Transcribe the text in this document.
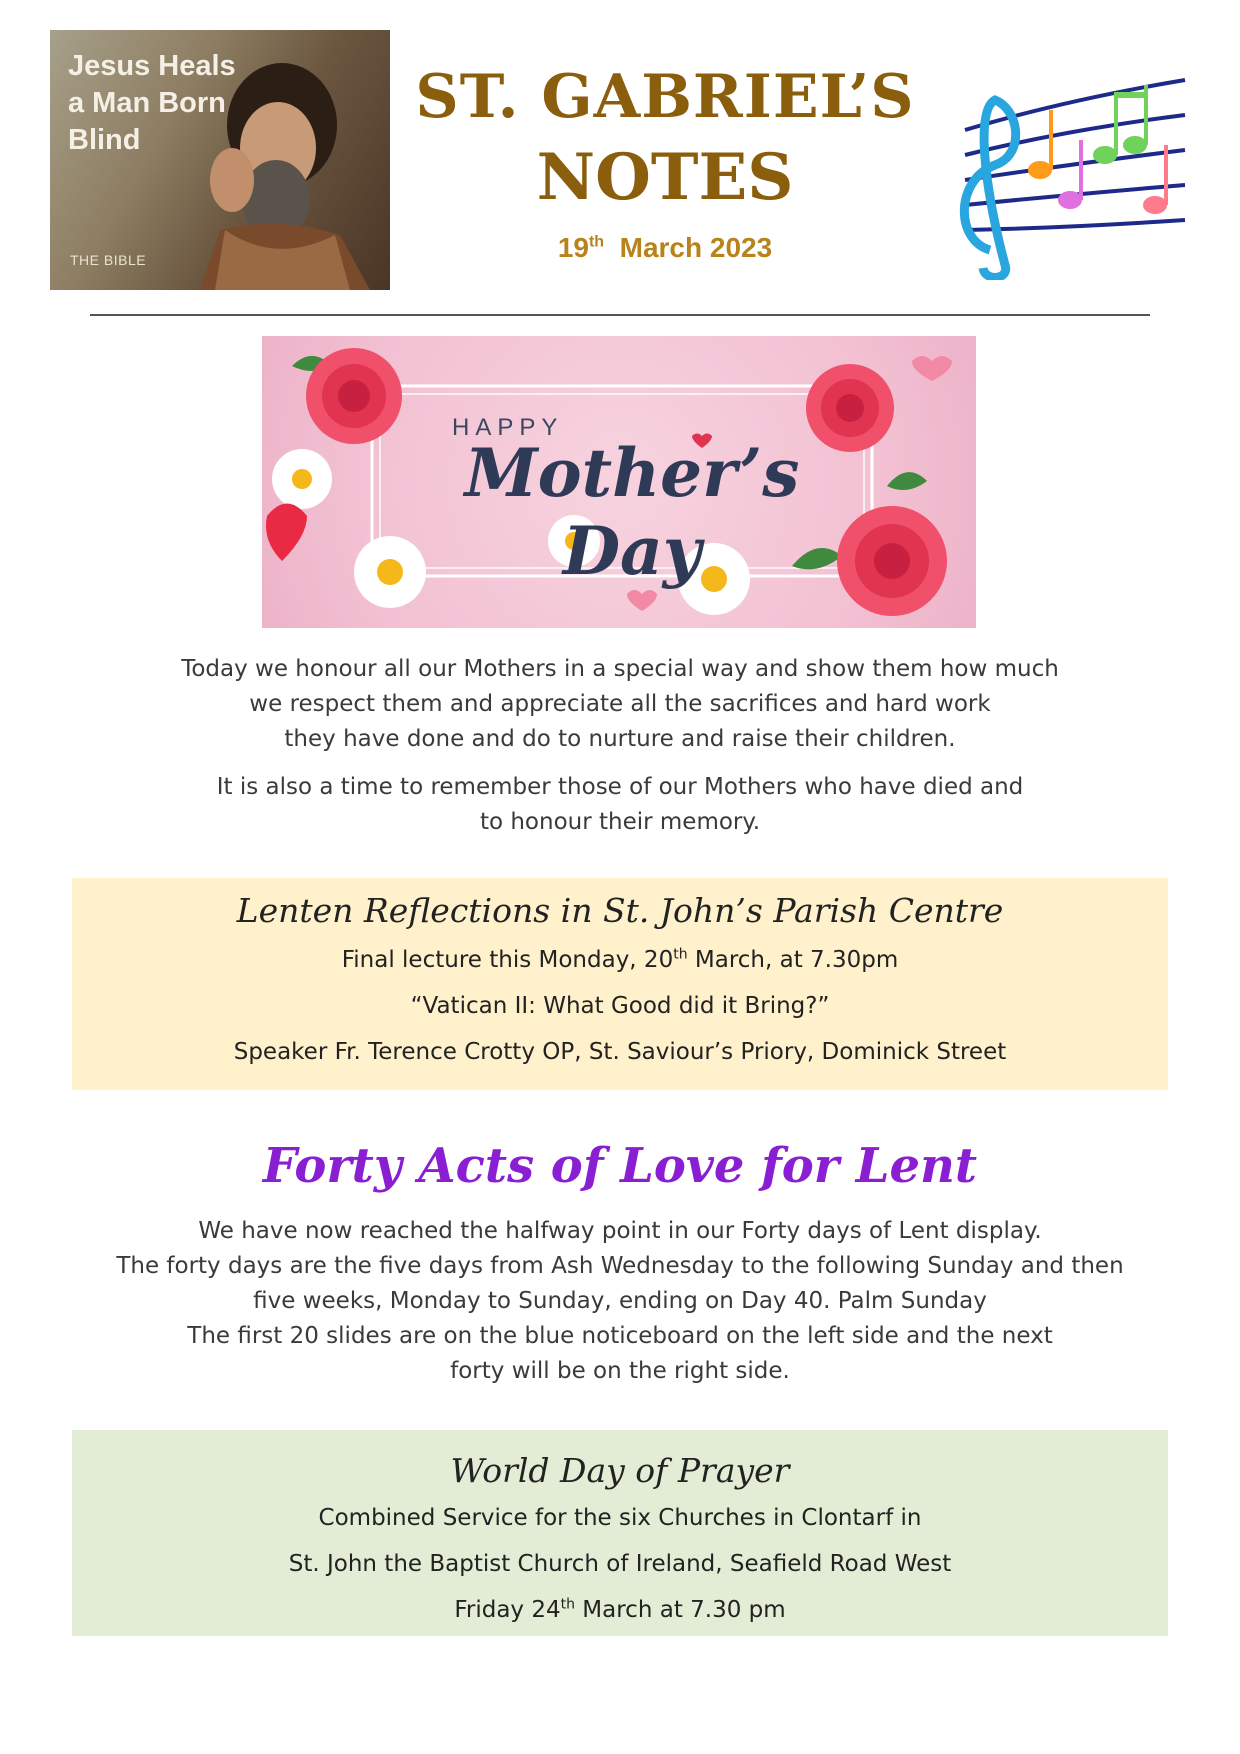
Jesus Heals
a Man Born
Blind
THE BIBLE
ST. GABRIEL’S
NOTES
19th March 2023
HAPPY
Mother’s Day
Today we honour all our Mothers in a special way and show them how much
we respect them and appreciate all the sacrifices and hard work
they have done and do to nurture and raise their children.
It is also a time to remember those of our Mothers who have died and
to honour their memory.
Lenten Reflections in St. John’s Parish Centre
Final lecture this Monday, 20th March, at 7.30pm
“Vatican II: What Good did it Bring?”
Speaker Fr. Terence Crotty OP, St. Saviour’s Priory, Dominick Street
Forty Acts of Love for Lent
We have now reached the halfway point in our Forty days of Lent display.
The forty days are the five days from Ash Wednesday to the following Sunday and then
five weeks, Monday to Sunday, ending on Day 40. Palm Sunday
The first 20 slides are on the blue noticeboard on the left side and the next
forty will be on the right side.
World Day of Prayer
Combined Service for the six Churches in Clontarf in
St. John the Baptist Church of Ireland, Seafield Road West
Friday 24th March at 7.30 pm
